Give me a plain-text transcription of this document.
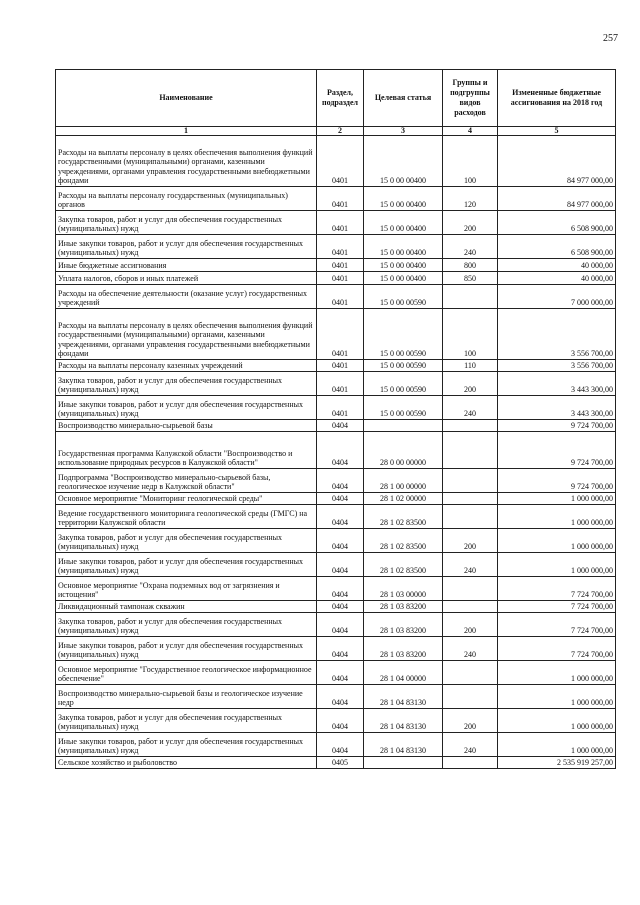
257
Наименование	Раздел, подраздел	Целевая статья	Группы и подгруппы видов расходов	Измененные бюджетные ассигнования на 2018 год
1	2	3	4	5
Расходы на выплаты персоналу в целях обеспечения выполнения функций государственными (муниципальными) органами, казенными учреждениями, органами управления государственными внебюджетными фондами	0401	15 0 00 00400	100	84 977 000,00
Расходы на выплаты персоналу государственных (муниципальных) органов	0401	15 0 00 00400	120	84 977 000,00
Закупка товаров, работ и услуг для обеспечения государственных (муниципальных) нужд	0401	15 0 00 00400	200	6 508 900,00
Иные закупки товаров, работ и услуг для обеспечения государственных (муниципальных) нужд	0401	15 0 00 00400	240	6 508 900,00
Иные бюджетные ассигнования	0401	15 0 00 00400	800	40 000,00
Уплата налогов, сборов и иных платежей	0401	15 0 00 00400	850	40 000,00
Расходы на обеспечение деятельности (оказание услуг) государственных учреждений	0401	15 0 00 00590		7 000 000,00
Расходы на выплаты персоналу в целях обеспечения выполнения функций государственными (муниципальными) органами, казенными учреждениями, органами управления государственными внебюджетными фондами	0401	15 0 00 00590	100	3 556 700,00
Расходы на выплаты персоналу казенных учреждений	0401	15 0 00 00590	110	3 556 700,00
Закупка товаров, работ и услуг для обеспечения государственных (муниципальных) нужд	0401	15 0 00 00590	200	3 443 300,00
Иные закупки товаров, работ и услуг для обеспечения государственных (муниципальных) нужд	0401	15 0 00 00590	240	3 443 300,00
Воспроизводство минерально-сырьевой базы	0404			9 724 700,00
Государственная программа Калужской области "Воспроизводство и использование природных ресурсов в Калужской области"	0404	28 0 00 00000		9 724 700,00
Подпрограмма "Воспроизводство минерально-сырьевой базы, геологическое изучение недр в Калужской области"	0404	28 1 00 00000		9 724 700,00
Основное мероприятие "Мониторинг геологической среды"	0404	28 1 02 00000		1 000 000,00
Ведение государственного мониторинга геологической среды (ГМГС) на территории Калужской области	0404	28 1 02 83500		1 000 000,00
Закупка товаров, работ и услуг для обеспечения государственных (муниципальных) нужд	0404	28 1 02 83500	200	1 000 000,00
Иные закупки товаров, работ и услуг для обеспечения государственных (муниципальных) нужд	0404	28 1 02 83500	240	1 000 000,00
Основное мероприятие "Охрана подземных вод от загрязнения и истощения"	0404	28 1 03 00000		7 724 700,00
Ликвидационный тампонаж скважин	0404	28 1 03 83200		7 724 700,00
Закупка товаров, работ и услуг для обеспечения государственных (муниципальных) нужд	0404	28 1 03 83200	200	7 724 700,00
Иные закупки товаров, работ и услуг для обеспечения государственных (муниципальных) нужд	0404	28 1 03 83200	240	7 724 700,00
Основное мероприятие "Государственное геологическое информационное обеспечение"	0404	28 1 04 00000		1 000 000,00
Воспроизводство минерально-сырьевой базы и геологическое изучение недр	0404	28 1 04 83130		1 000 000,00
Закупка товаров, работ и услуг для обеспечения государственных (муниципальных) нужд	0404	28 1 04 83130	200	1 000 000,00
Иные закупки товаров, работ и услуг для обеспечения государственных (муниципальных) нужд	0404	28 1 04 83130	240	1 000 000,00
Сельское хозяйство и рыболовство	0405			2 535 919 257,00
